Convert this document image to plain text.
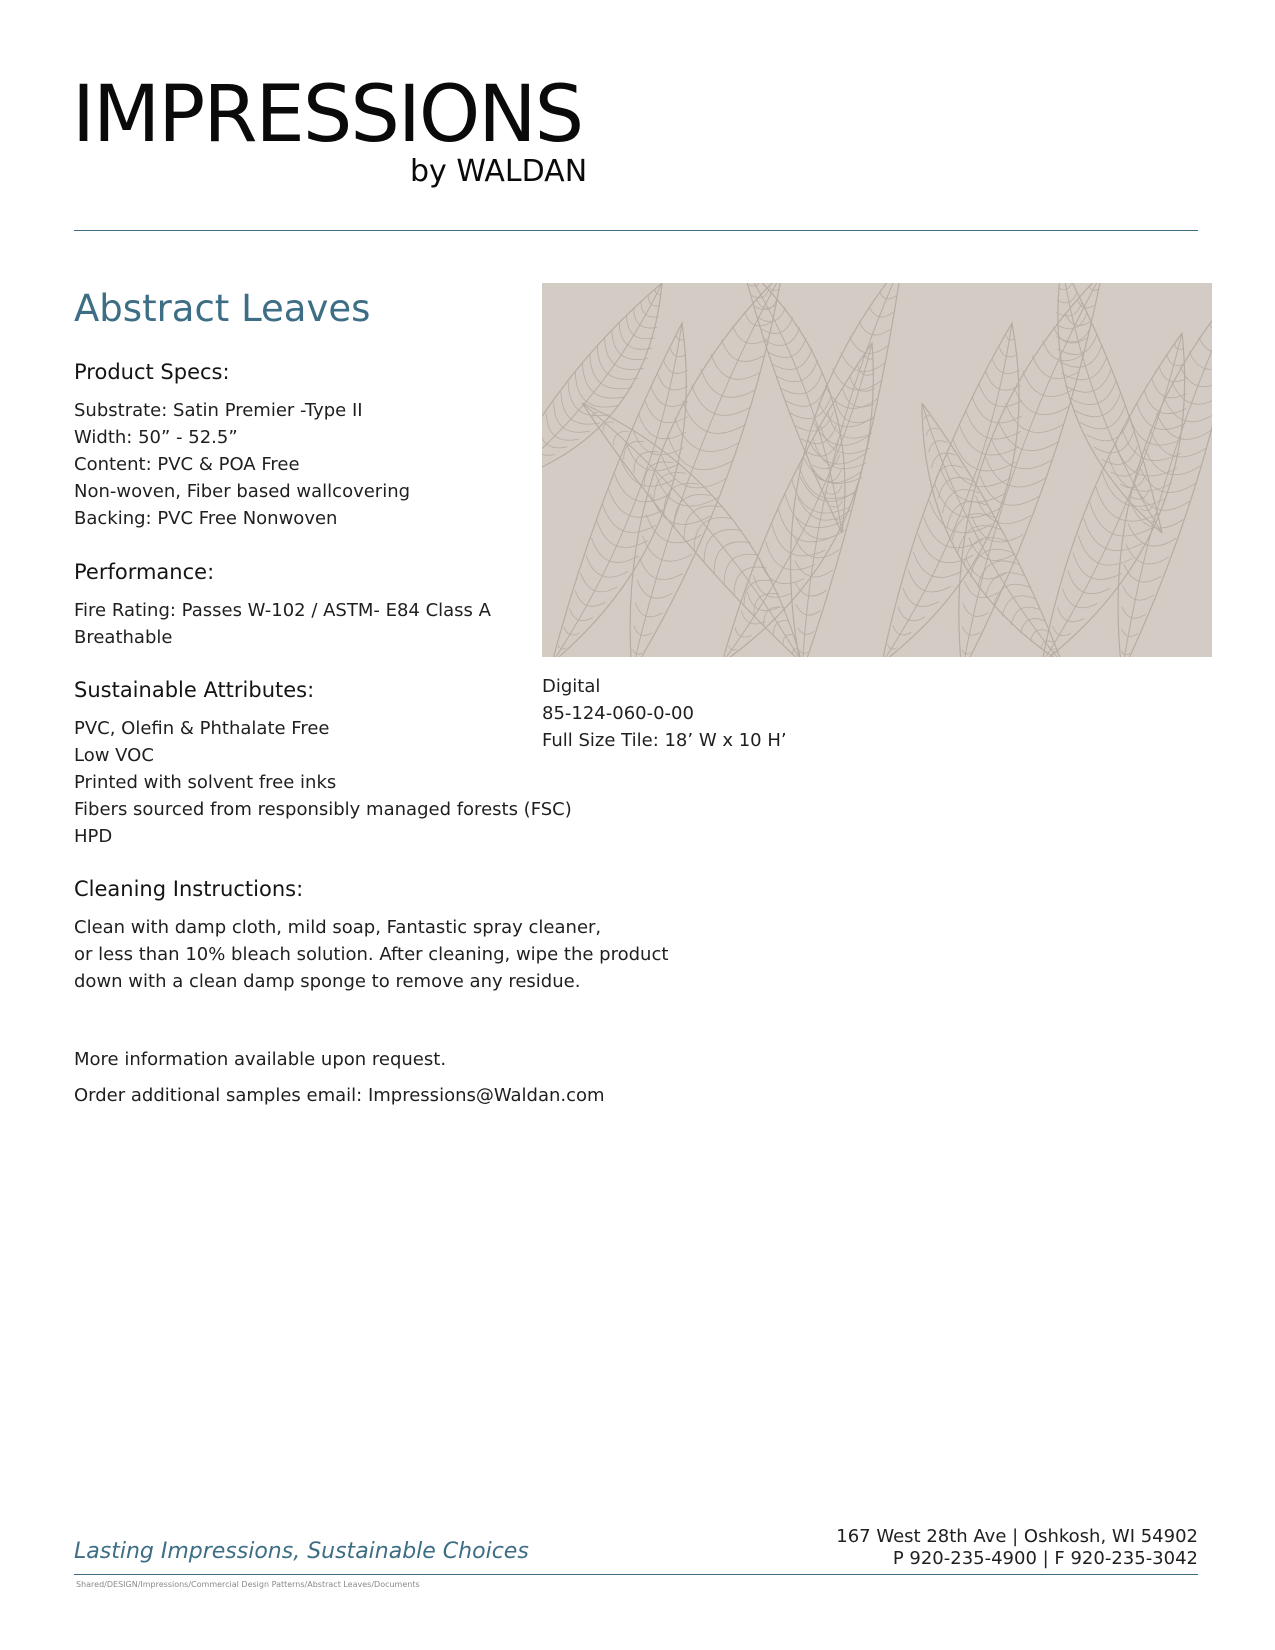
IMPRESSIONS
by WALDAN
Abstract Leaves
Product Specs:
Substrate: Satin Premier -Type II
Width: 50” - 52.5”
Content: PVC & POA Free
Non-woven, Fiber based wallcovering
Backing: PVC Free Nonwoven
Performance:
Fire Rating: Passes W-102 / ASTM- E84 Class A
Breathable
Sustainable Attributes:
PVC, Olefin & Phthalate Free
Low VOC
Printed with solvent free inks
Fibers sourced from responsibly managed forests (FSC)
HPD
Cleaning Instructions:
Clean with damp cloth, mild soap, Fantastic spray cleaner,
or less than 10% bleach solution. After cleaning, wipe the product
down with a clean damp sponge to remove any residue.
More information available upon request.
Order additional samples email: Impressions@Waldan.com
Digital
85-124-060-0-00
Full Size Tile: 18’ W x 10 H’
Lasting Impressions, Sustainable Choices
167 West 28th Ave | Oshkosh, WI 54902
P 920-235-4900 | F 920-235-3042
Shared/DESIGN/Impressions/Commercial Design Patterns/Abstract Leaves/Documents
